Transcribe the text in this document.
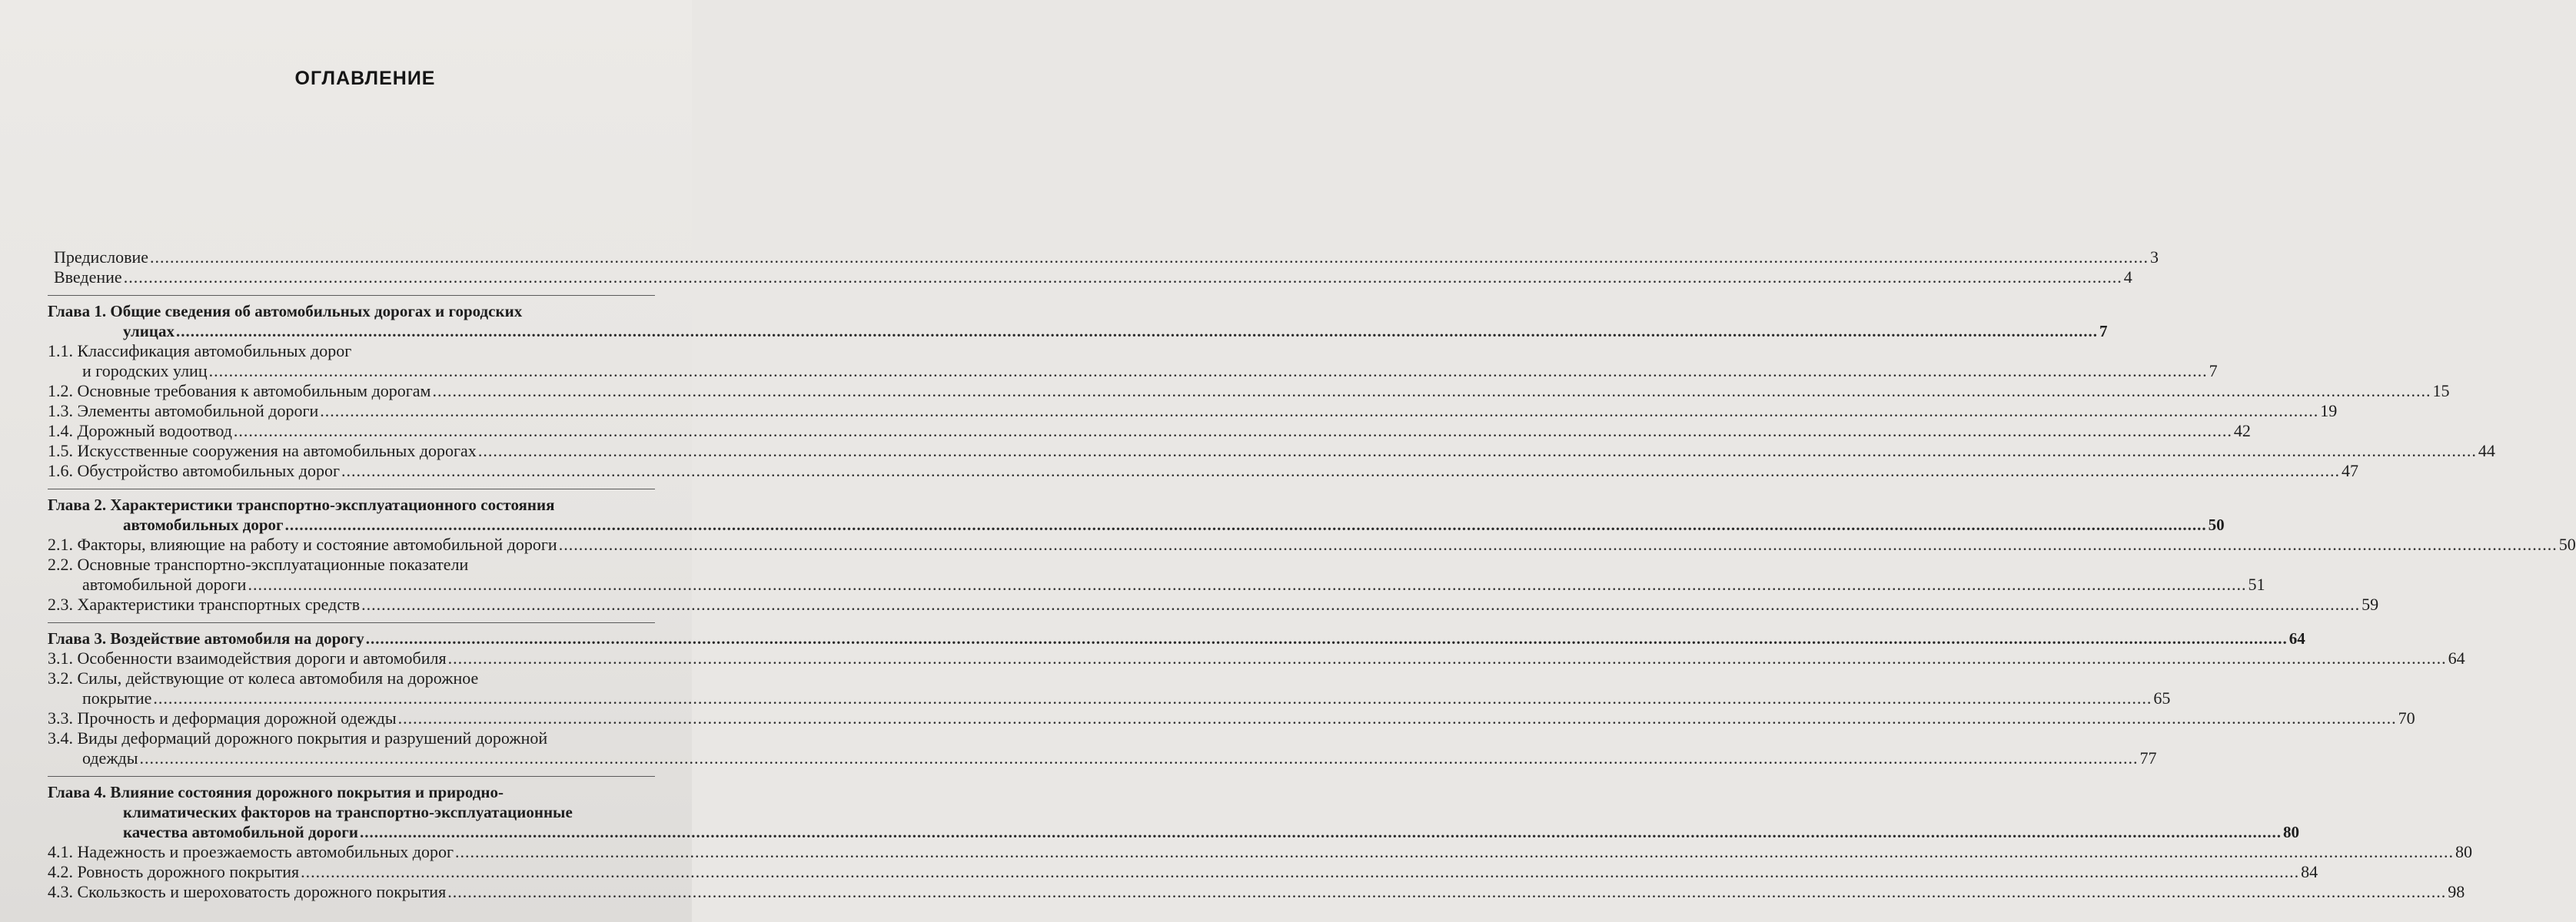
ОГЛАВЛЕНИЕ
Предисловие ................................................................................................................................................................................................................................................................................................................................................................................................................ 3
Введение ................................................................................................................................................................................................................................................................................................................................................................................................................ 4
Глава 1. Общие сведения об автомобильных дорогах и городских
улицах ................................................................................................................................................................................................................................................................................................................................................................................................................ 7
1.1. Классификация автомобильных дорог
и городских улиц ................................................................................................................................................................................................................................................................................................................................................................................................................ 7
1.2. Основные требования к автомобильным дорогам ................................................................................................................................................................................................................................................................................................................................................................................................................ 15
1.3. Элементы автомобильной дороги ................................................................................................................................................................................................................................................................................................................................................................................................................ 19
1.4. Дорожный водоотвод ................................................................................................................................................................................................................................................................................................................................................................................................................ 42
1.5. Искусственные сооружения на автомобильных дорогах ................................................................................................................................................................................................................................................................................................................................................................................................................ 44
1.6. Обустройство автомобильных дорог ................................................................................................................................................................................................................................................................................................................................................................................................................ 47
Глава 2. Характеристики транспортно-эксплуатационного состояния
автомобильных дорог ................................................................................................................................................................................................................................................................................................................................................................................................................ 50
2.1. Факторы, влияющие на работу и состояние автомобильной дороги ................................................................................................................................................................................................................................................................................................................................................................................................................ 50
2.2. Основные транспортно-эксплуатационные показатели
автомобильной дороги ................................................................................................................................................................................................................................................................................................................................................................................................................ 51
2.3. Характеристики транспортных средств ................................................................................................................................................................................................................................................................................................................................................................................................................ 59
Глава 3. Воздействие автомобиля на дорогу ................................................................................................................................................................................................................................................................................................................................................................................................................ 64
3.1. Особенности взаимодействия дороги и автомобиля ................................................................................................................................................................................................................................................................................................................................................................................................................ 64
3.2. Силы, действующие от колеса автомобиля на дорожное
покрытие ................................................................................................................................................................................................................................................................................................................................................................................................................ 65
3.3. Прочность и деформация дорожной одежды ................................................................................................................................................................................................................................................................................................................................................................................................................ 70
3.4. Виды деформаций дорожного покрытия и разрушений дорожной
одежды ................................................................................................................................................................................................................................................................................................................................................................................................................ 77
Глава 4. Влияние состояния дорожного покрытия и природно-
климатических факторов на транспортно-эксплуатационные
качества автомобильной дороги ................................................................................................................................................................................................................................................................................................................................................................................................................ 80
4.1. Надежность и проезжаемость автомобильных дорог ................................................................................................................................................................................................................................................................................................................................................................................................................ 80
4.2. Ровность дорожного покрытия ................................................................................................................................................................................................................................................................................................................................................................................................................ 84
4.3. Скользкость и шероховатость дорожного покрытия ................................................................................................................................................................................................................................................................................................................................................................................................................ 98
